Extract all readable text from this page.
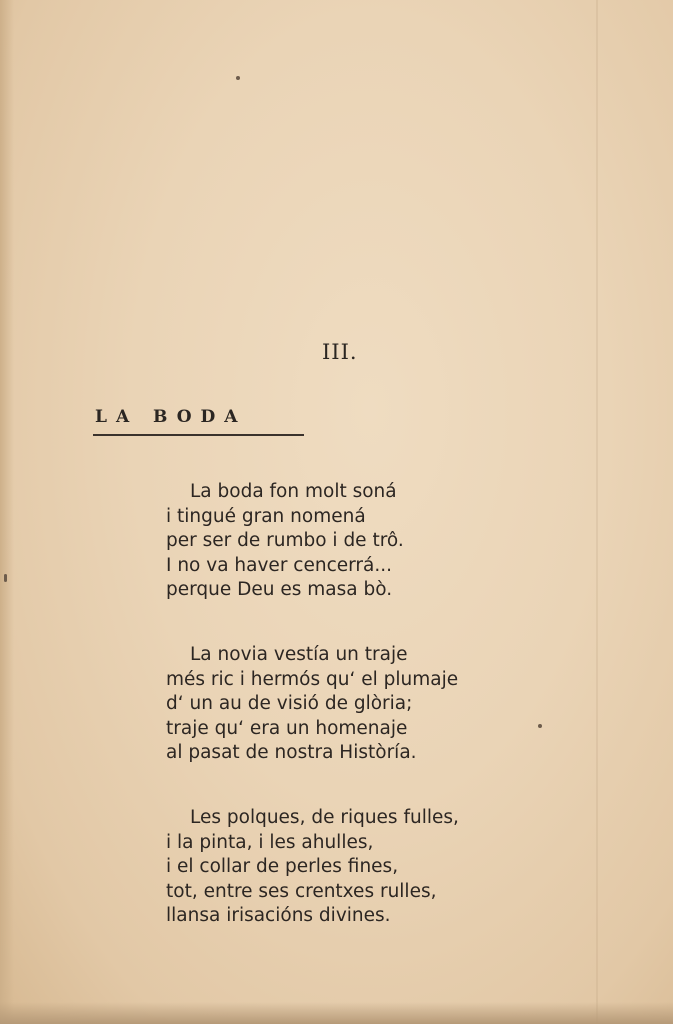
III.
LA BODA
La boda fon molt soná
i tingué gran nomená
per ser de rumbo i de trô.
I no va haver cencerrá...
perque Deu es masa bò.
La novia vestía un traje
més ric i hermós qu‘ el plumaje
d‘ un au de visió de glòria;
traje qu‘ era un homenaje
al pasat de nostra Històría.
Les polques, de riques fulles,
i la pinta, i les ahulles,
i el collar de perles fines,
tot, entre ses crentxes rulles,
llansa irisacións divines.
